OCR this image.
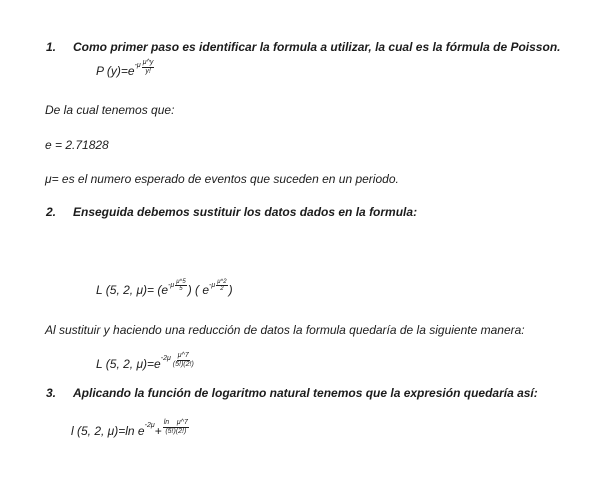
1. Como primer paso es identificar la formula a utilizar, la cual es la fórmula de Poisson.
P (y)=e $-\mu \frac{\mu\^{}y}{y!}$
De la cual tenemos que:
e = 2.71828
μ= es el numero esperado de eventos que suceden en un periodo.
2. Enseguida debemos sustituir los datos dados en la formula:
L (5, 2, μ)= (e $-\mu \frac{\mu\^{}5}{5}$ ) ( e $-\mu \frac{\mu\^{}2}{2}$ )
Al sustituir y haciendo una reducción de datos la formula quedaría de la siguiente manera:
L (5, 2, μ)=e $-2\mu \frac{\mu\^{}7}{(5!)(2!)}$
3. Aplicando la función de logaritmo natural tenemos que la expresión quedaría así:
l (5, 2, μ)=ln e $-2\mu + \frac{\text{ln    μ\textasciicircum{}7}}{(5!)(2!)}$
